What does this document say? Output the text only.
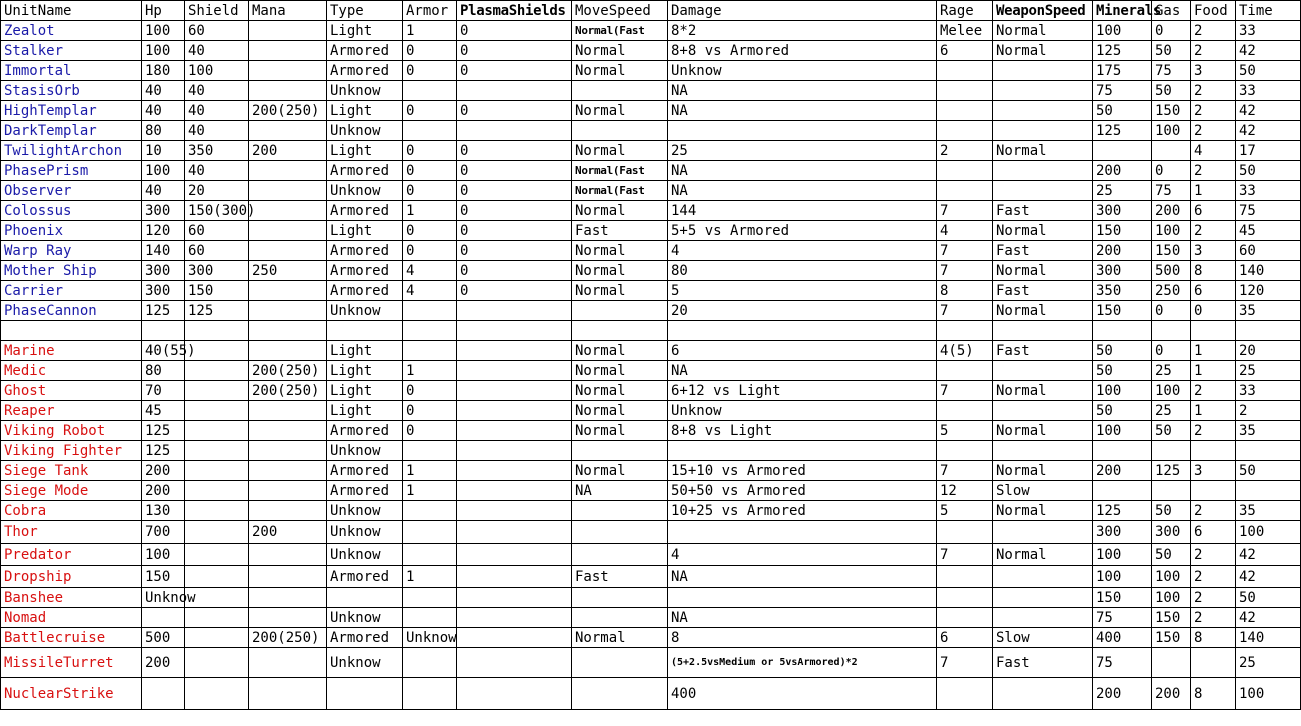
UnitName	Hp	Shield	Mana	Type	Armor	PlasmaShields	MoveSpeed	Damage	Rage	WeaponSpeed	Minerals	Gas	Food	Time
Zealot	100	60		Light	1	0	Normal(Fast	8*2	Melee	Normal	100	0	2	33
Stalker	100	40		Armored	0	0	Normal	8+8 vs Armored	6	Normal	125	50	2	42
Immortal	180	100		Armored	0	0	Normal	Unknow			175	75	3	50
StasisOrb	40	40		Unknow				NA			75	50	2	33
HighTemplar	40	40	200(250)	Light	0	0	Normal	NA			50	150	2	42
DarkTemplar	80	40		Unknow							125	100	2	42
TwilightArchon	10	350	200	Light	0	0	Normal	25	2	Normal			4	17
PhasePrism	100	40		Armored	0	0	Normal(Fast	NA			200	0	2	50
Observer	40	20		Unknow	0	0	Normal(Fast	NA			25	75	1	33
Colossus	300	150(300)		Armored	1	0	Normal	144	7	Fast	300	200	6	75
Phoenix	120	60		Light	0	0	Fast	5+5 vs Armored	4	Normal	150	100	2	45
Warp Ray	140	60		Armored	0	0	Normal	4	7	Fast	200	150	3	60
Mother Ship	300	300	250	Armored	4	0	Normal	80	7	Normal	300	500	8	140
Carrier	300	150		Armored	4	0	Normal	5	8	Fast	350	250	6	120
PhaseCannon	125	125		Unknow				20	7	Normal	150	0	0	35

Marine	40(55)			Light			Normal	6	4(5)	Fast	50	0	1	20
Medic	80		200(250)	Light	1		Normal	NA			50	25	1	25
Ghost	70		200(250)	Light	0		Normal	6+12 vs Light	7	Normal	100	100	2	33
Reaper	45			Light	0		Normal	Unknow			50	25	1	2
Viking Robot	125			Armored	0		Normal	8+8 vs Light	5	Normal	100	50	2	35
Viking Fighter	125			Unknow										
Siege Tank	200			Armored	1		Normal	15+10 vs Armored	7	Normal	200	125	3	50
Siege Mode	200			Armored	1		NA	50+50 vs Armored	12	Slow				
Cobra	130			Unknow				10+25 vs Armored	5	Normal	125	50	2	35
Thor	700		200	Unknow							300	300	6	100
Predator	100			Unknow				4	7	Normal	100	50	2	42
Dropship	150			Armored	1		Fast	NA			100	100	2	42
Banshee	Unknow										150	100	2	50
Nomad				Unknow				NA			75	150	2	42
Battlecruise	500		200(250)	Armored	Unknow		Normal	8	6	Slow	400	150	8	140
MissileTurret	200			Unknow				(5+2.5vsMedium or 5vsArmored)*2	7	Fast	75			25
NuclearStrike								400			200	200	8	100
